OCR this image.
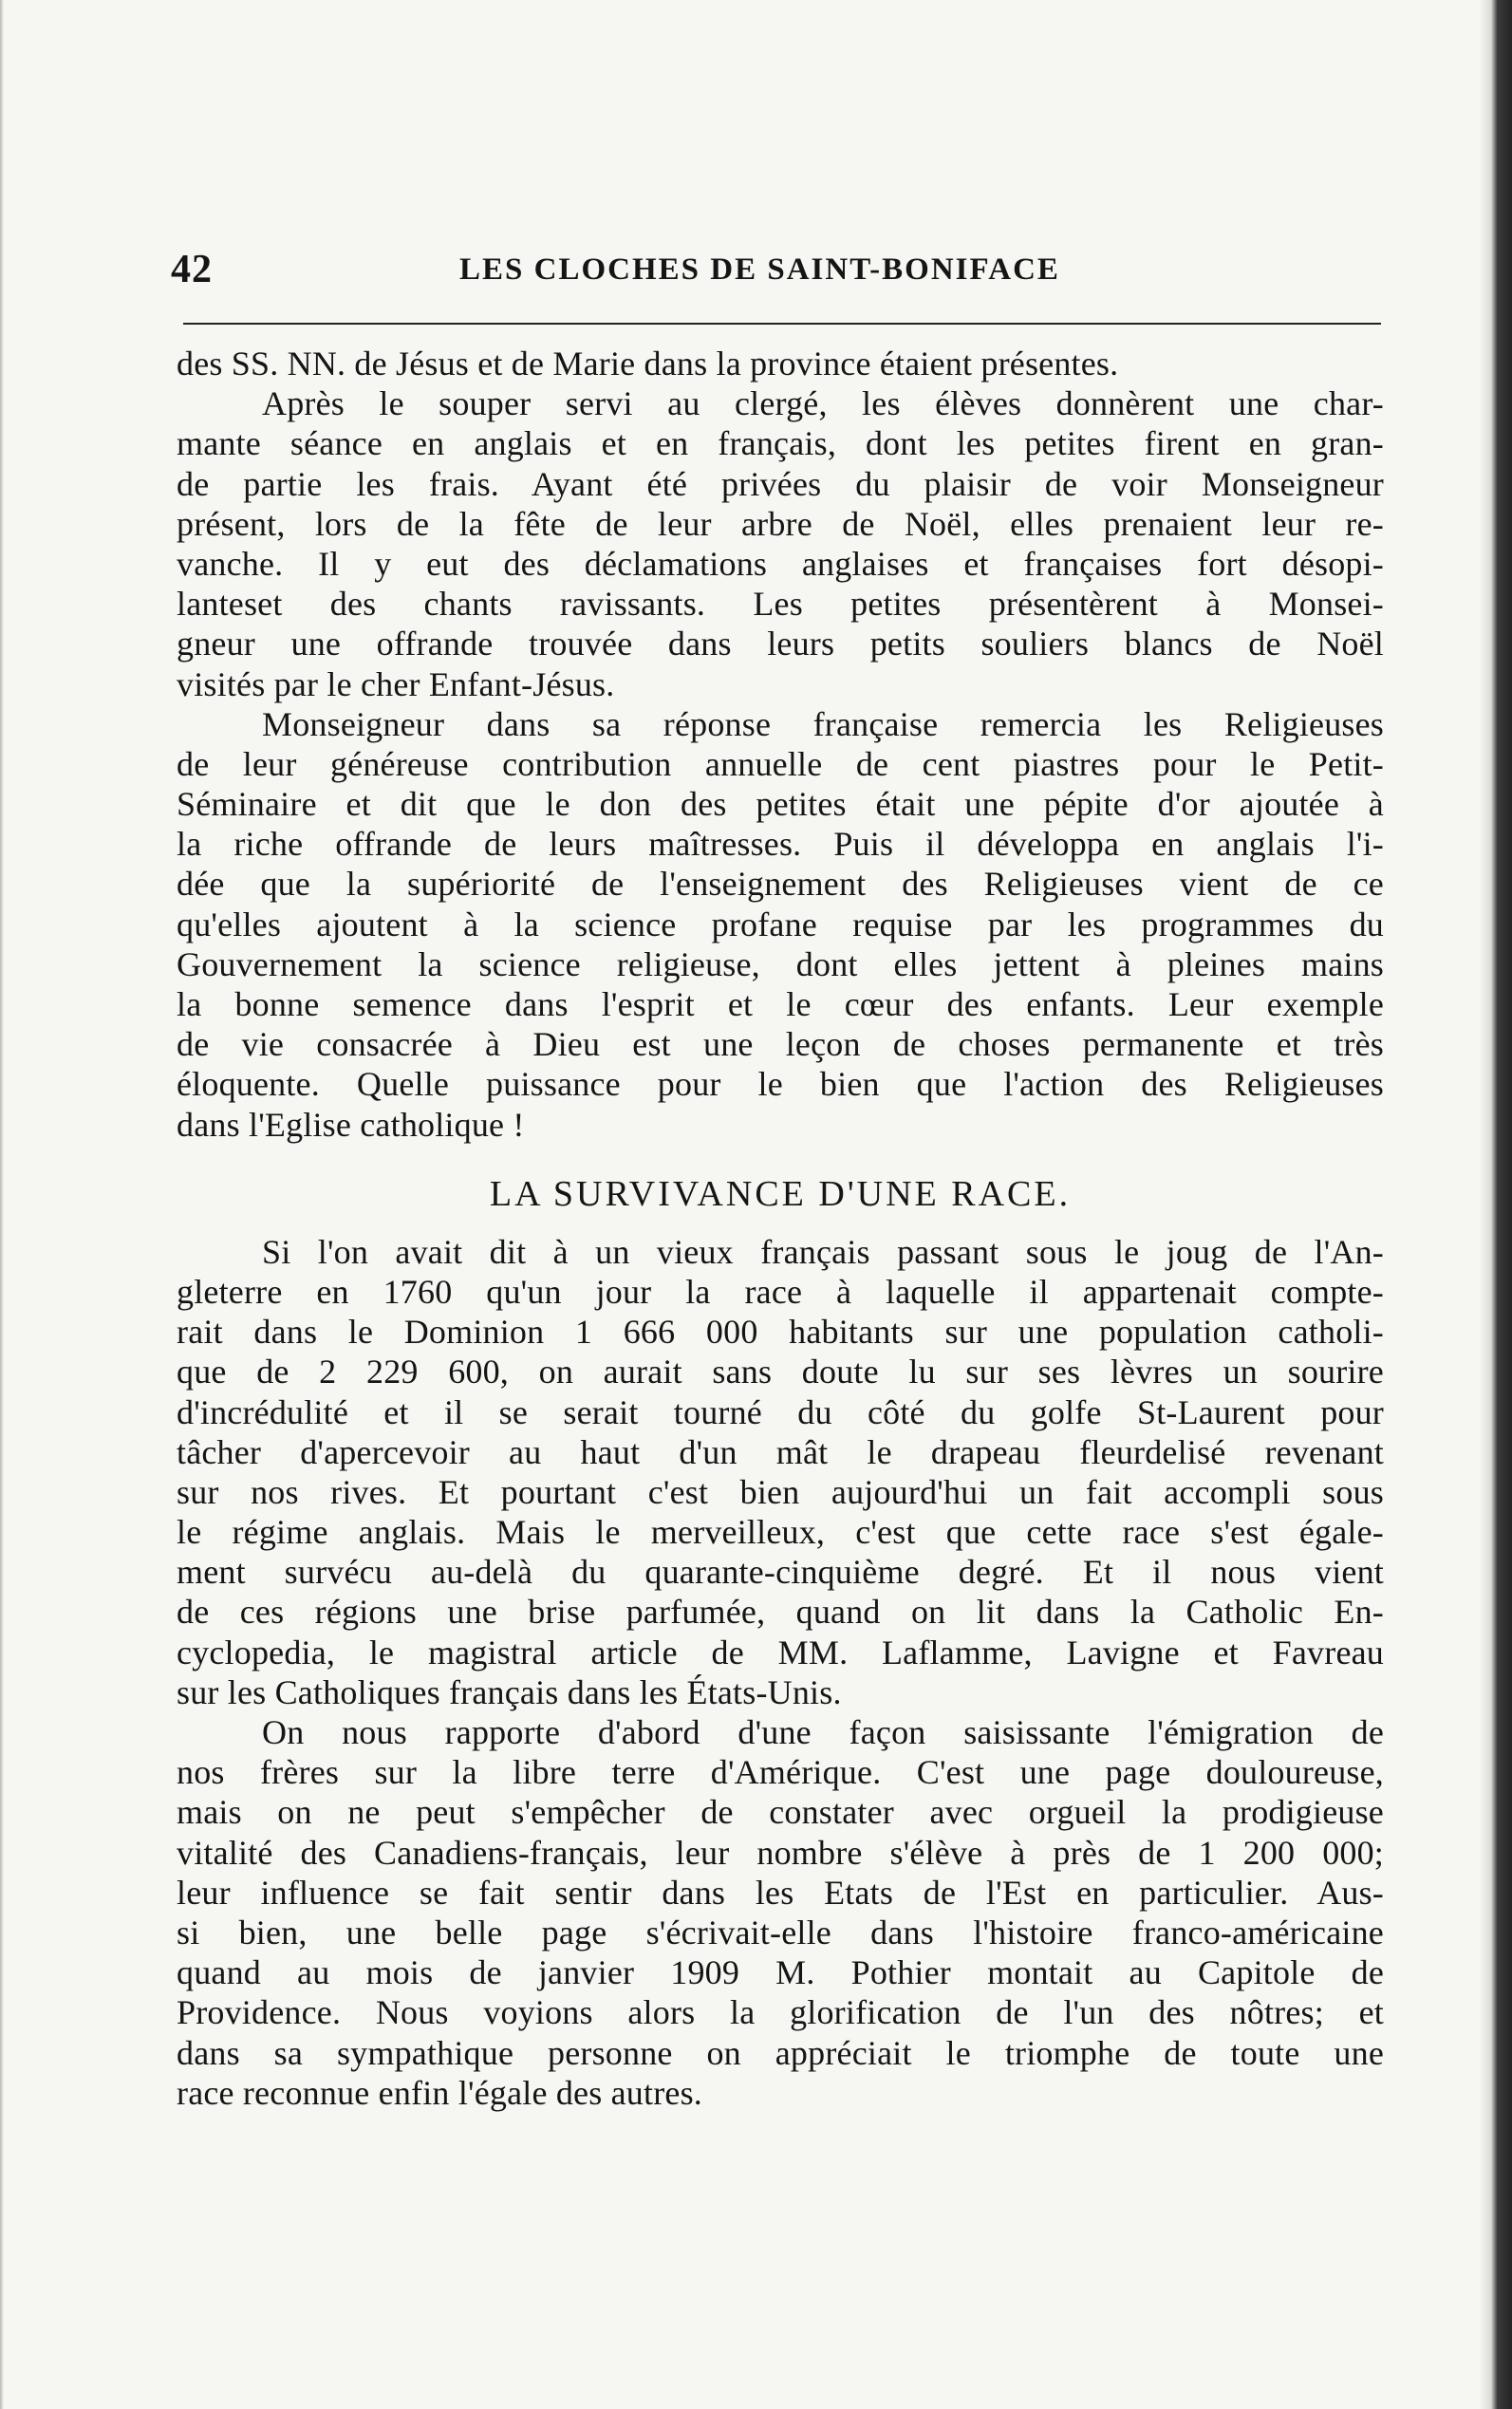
42	LES CLOCHES DE SAINT-BONIFACE
des SS. NN. de Jésus et de Marie dans la province étaient présentes.
Après le souper servi au clergé, les élèves donnèrent une char-
mante séance en anglais et en français, dont les petites firent en gran-
de partie les frais. Ayant été privées du plaisir de voir Monseigneur
présent, lors de la fête de leur arbre de Noël, elles prenaient leur re-
vanche. Il y eut des déclamations anglaises et françaises fort désopi-
lanteset des chants ravissants. Les petites présentèrent à Monsei-
gneur une offrande trouvée dans leurs petits souliers blancs de Noël
visités par le cher Enfant-Jésus.
Monseigneur dans sa réponse française remercia les Religieuses
de leur généreuse contribution annuelle de cent piastres pour le Petit-
Séminaire et dit que le don des petites était une pépite d'or ajoutée à
la riche offrande de leurs maîtresses. Puis il développa en anglais l'i-
dée que la supériorité de l'enseignement des Religieuses vient de ce
qu'elles ajoutent à la science profane requise par les programmes du
Gouvernement la science religieuse, dont elles jettent à pleines mains
la bonne semence dans l'esprit et le cœur des enfants. Leur exemple
de vie consacrée à Dieu est une leçon de choses permanente et très
éloquente. Quelle puissance pour le bien que l'action des Religieuses
dans l'Eglise catholique !
LA SURVIVANCE D'UNE RACE.
Si l'on avait dit à un vieux français passant sous le joug de l'An-
gleterre en 1760 qu'un jour la race à laquelle il appartenait compte-
rait dans le Dominion 1 666 000 habitants sur une population catholi-
que de 2 229 600, on aurait sans doute lu sur ses lèvres un sourire
d'incrédulité et il se serait tourné du côté du golfe St-Laurent pour
tâcher d'apercevoir au haut d'un mât le drapeau fleurdelisé revenant
sur nos rives. Et pourtant c'est bien aujourd'hui un fait accompli sous
le régime anglais. Mais le merveilleux, c'est que cette race s'est égale-
ment survécu au-delà du quarante-cinquième degré. Et il nous vient
de ces régions une brise parfumée, quand on lit dans la Catholic En-
cyclopedia, le magistral article de MM. Laflamme, Lavigne et Favreau
sur les Catholiques français dans les États-Unis.
On nous rapporte d'abord d'une façon saisissante l'émigration de
nos frères sur la libre terre d'Amérique. C'est une page douloureuse,
mais on ne peut s'empêcher de constater avec orgueil la prodigieuse
vitalité des Canadiens-français, leur nombre s'élève à près de 1 200 000;
leur influence se fait sentir dans les Etats de l'Est en particulier. Aus-
si bien, une belle page s'écrivait-elle dans l'histoire franco-américaine
quand au mois de janvier 1909 M. Pothier montait au Capitole de
Providence. Nous voyions alors la glorification de l'un des nôtres; et
dans sa sympathique personne on appréciait le triomphe de toute une
race reconnue enfin l'égale des autres.
